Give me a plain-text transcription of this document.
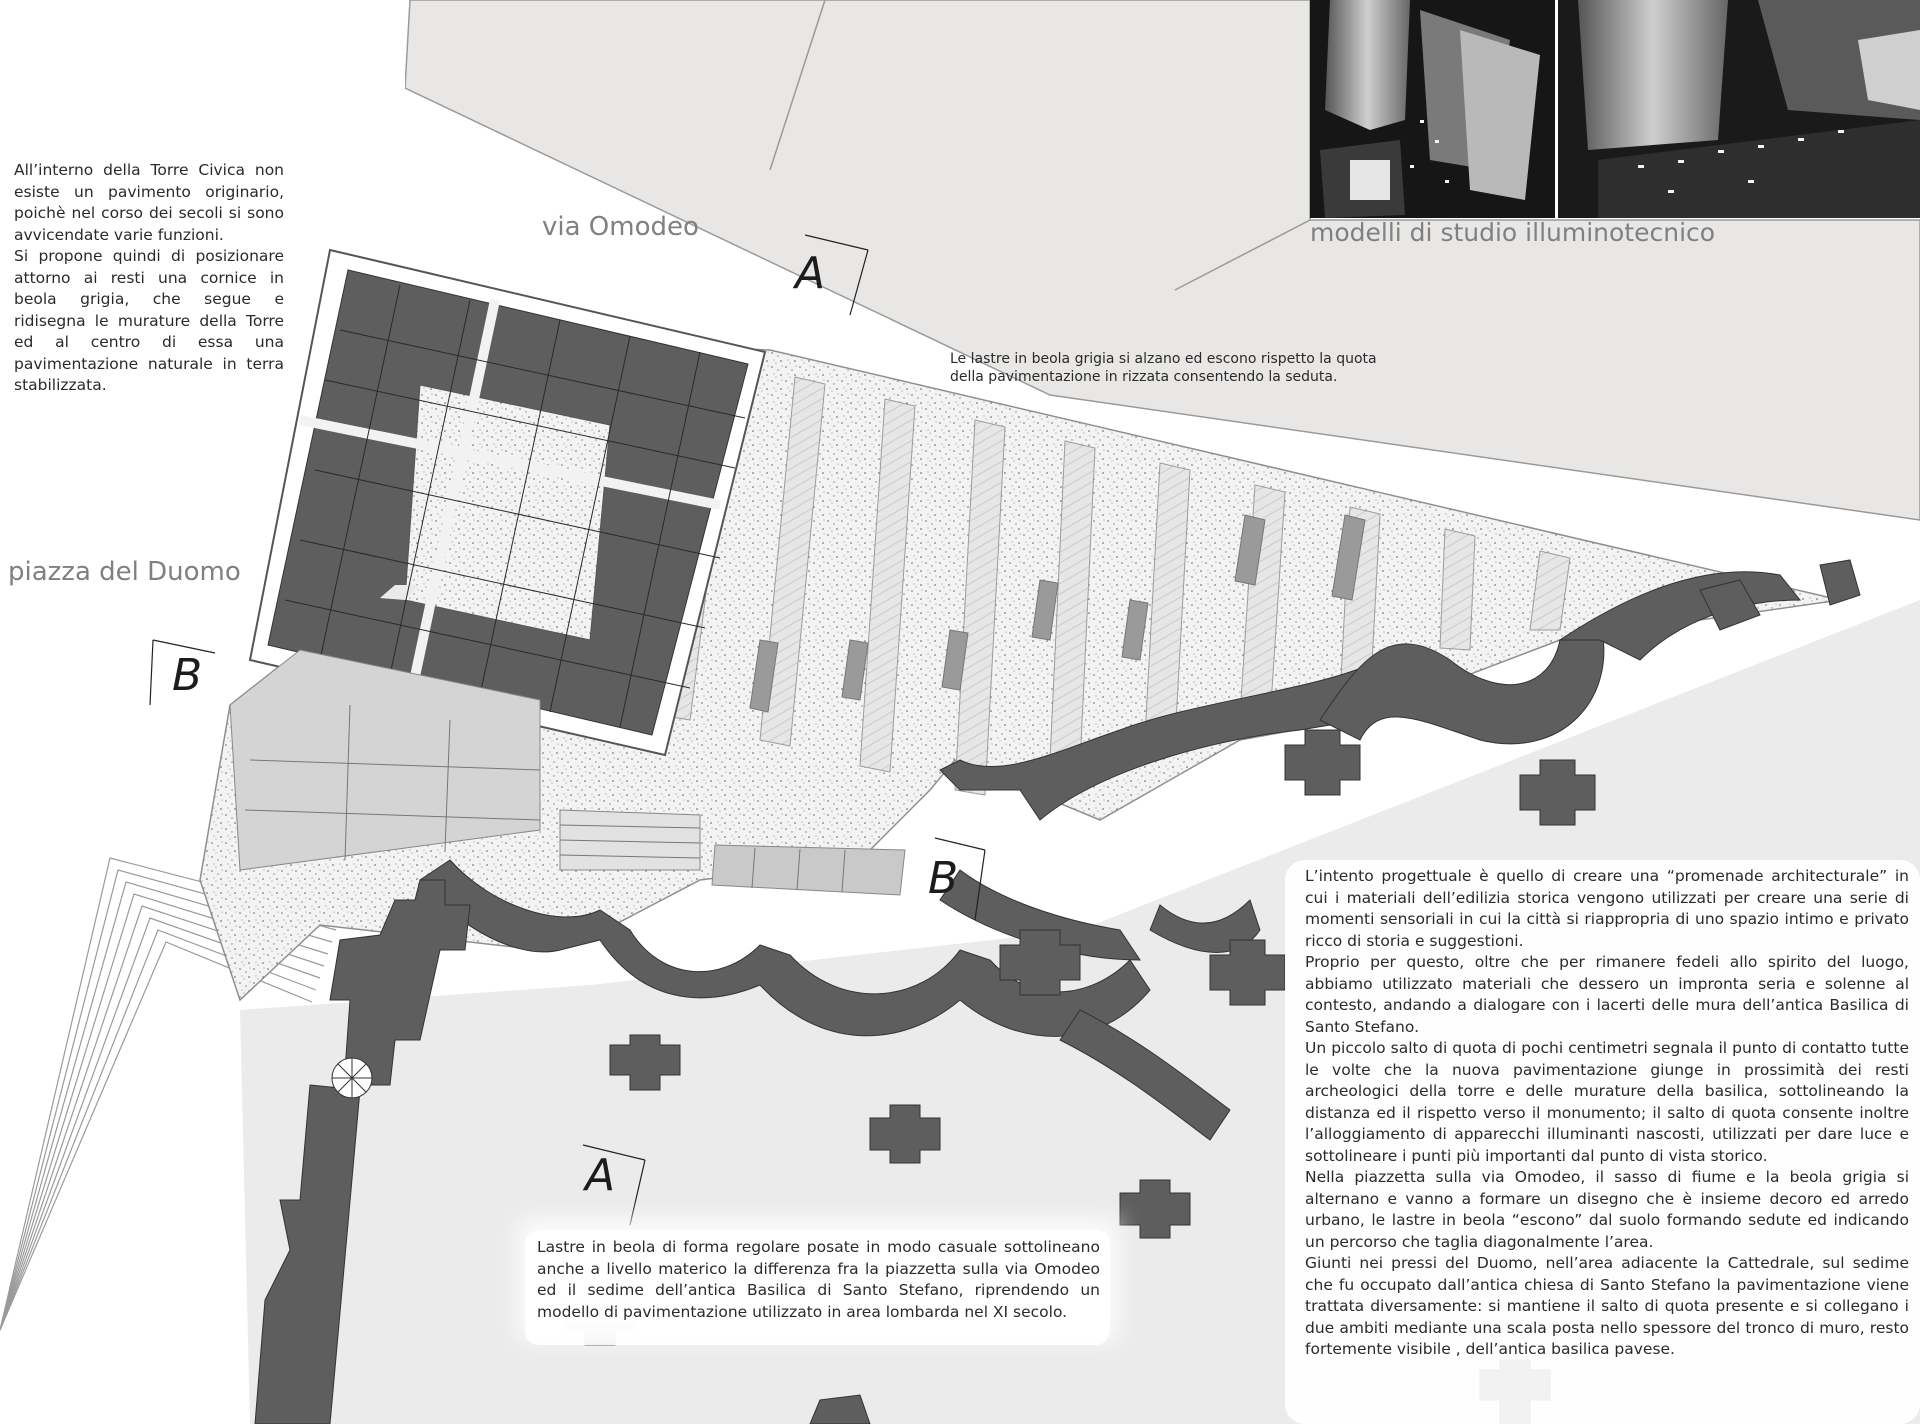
modelli di studio illuminotecnico
via Omodeo
piazza del Duomo
A
B
B
A

All’interno della Torre Civica non esiste un pavimento originario, poichè nel corso dei secoli si sono avvicendate varie funzioni.
Si propone quindi di posizionare attorno ai resti una cornice in beola grigia, che segue e ridisegna le murature della Torre ed al centro di essa una pavimentazione naturale in terra stabilizzata.

Le lastre in beola grigia si alzano ed escono rispetto la quota della pavimentazione in rizzata consentendo la seduta.

Lastre in beola di forma regolare posate in modo casuale sottolineano anche a livello materico la differenza fra la piazzetta sulla via Omodeo ed il sedime dell’antica Basilica di Santo Stefano, riprendendo un modello di pavimentazione utilizzato in area lombarda nel XI secolo.

L’intento progettuale è quello di creare una “promenade architecturale” in cui i materiali dell’edilizia storica vengono utilizzati per creare una serie di momenti sensoriali in cui la città si riappropria di uno spazio intimo e privato ricco di storia e suggestioni.
Proprio per questo, oltre che per rimanere fedeli allo spirito del luogo, abbiamo utilizzato materiali che dessero un impronta seria e solenne al contesto, andando a dialogare con i lacerti delle mura dell’antica Basilica di Santo Stefano.
Un piccolo salto di quota di pochi centimetri segnala il punto di contatto tutte le volte che la nuova pavimentazione giunge in prossimità dei resti archeologici della torre e delle murature della basilica, sottolineando la distanza ed il rispetto verso il monumento; il salto di quota consente inoltre l’alloggiamento di apparecchi illuminanti nascosti, utilizzati per dare luce e sottolineare i punti più importanti dal punto di vista storico.
Nella piazzetta sulla via Omodeo, il sasso di fiume e la beola grigia si alternano e vanno a formare un disegno che è insieme decoro ed arredo urbano, le lastre in beola “escono” dal suolo formando sedute ed indicando un percorso che taglia diagonalmente l’area.
Giunti nei pressi del Duomo, nell’area adiacente la Cattedrale, sul sedime che fu occupato dall’antica chiesa di Santo Stefano la pavimentazione viene trattata diversamente: si mantiene il salto di quota presente e si collegano i due ambiti mediante una scala posta nello spessore del tronco di muro, resto fortemente visibile , dell’antica basilica pavese.
